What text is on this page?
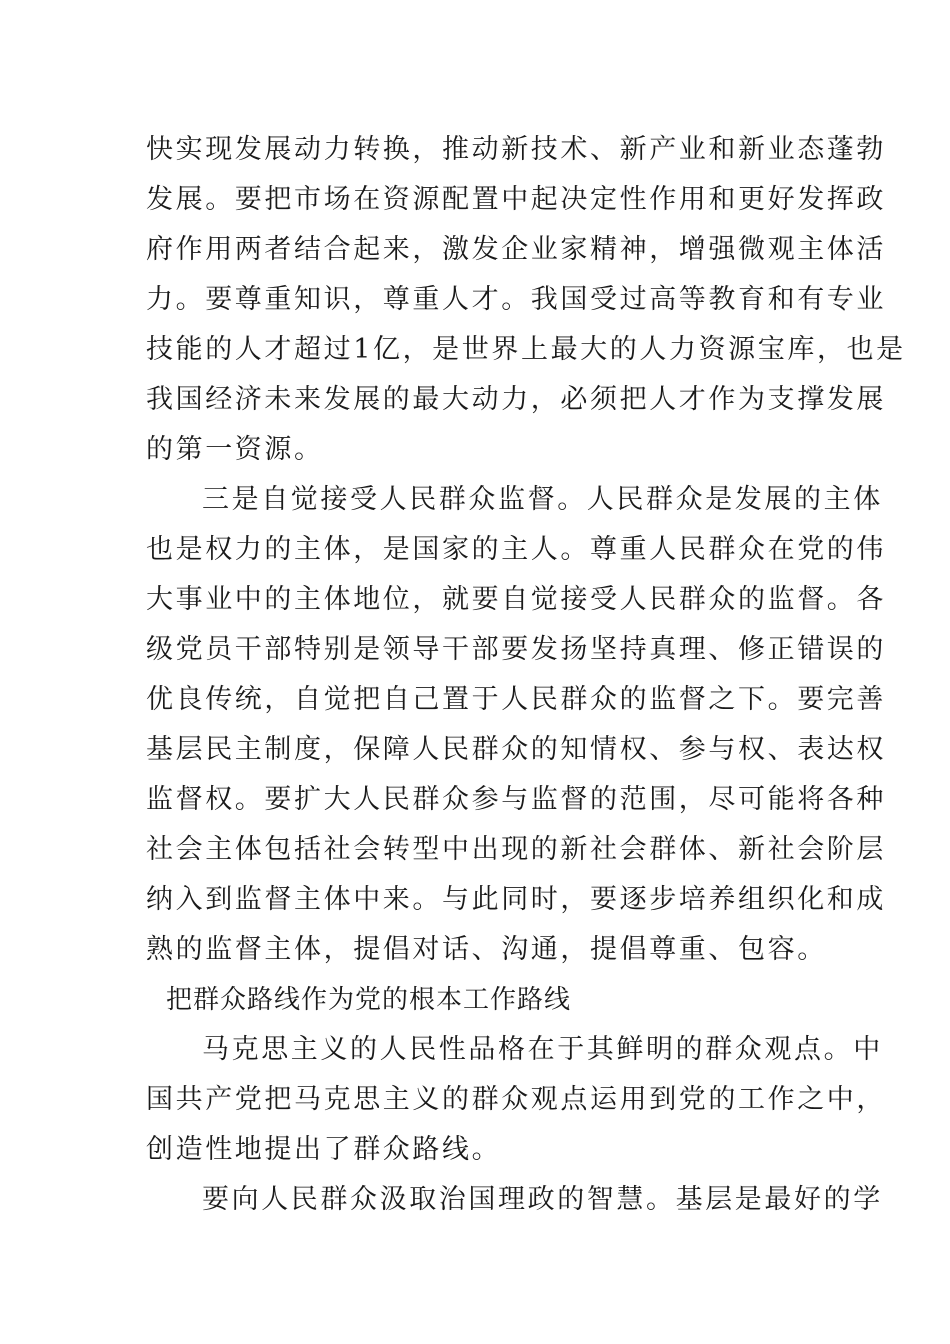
快实现发展动力转换，推动新技术、新产业和新业态蓬勃
发展。要把市场在资源配置中起决定性作用和更好发挥政
府作用两者结合起来，激发企业家精神，增强微观主体活
力。要尊重知识，尊重人才。我国受过高等教育和有专业
技能的人才超过1亿，是世界上最大的人力资源宝库，也是
我国经济未来发展的最大动力，必须把人才作为支撑发展
的第一资源。
三是自觉接受人民群众监督。人民群众是发展的主体
也是权力的主体，是国家的主人。尊重人民群众在党的伟
大事业中的主体地位，就要自觉接受人民群众的监督。各
级党员干部特别是领导干部要发扬坚持真理、修正错误的
优良传统，自觉把自己置于人民群众的监督之下。要完善
基层民主制度，保障人民群众的知情权、参与权、表达权
监督权。要扩大人民群众参与监督的范围，尽可能将各种
社会主体包括社会转型中出现的新社会群体、新社会阶层
纳入到监督主体中来。与此同时，要逐步培养组织化和成
熟的监督主体，提倡对话、沟通，提倡尊重、包容。
把群众路线作为党的根本工作路线
马克思主义的人民性品格在于其鲜明的群众观点。中
国共产党把马克思主义的群众观点运用到党的工作之中，
创造性地提出了群众路线。
要向人民群众汲取治国理政的智慧。基层是最好的学
